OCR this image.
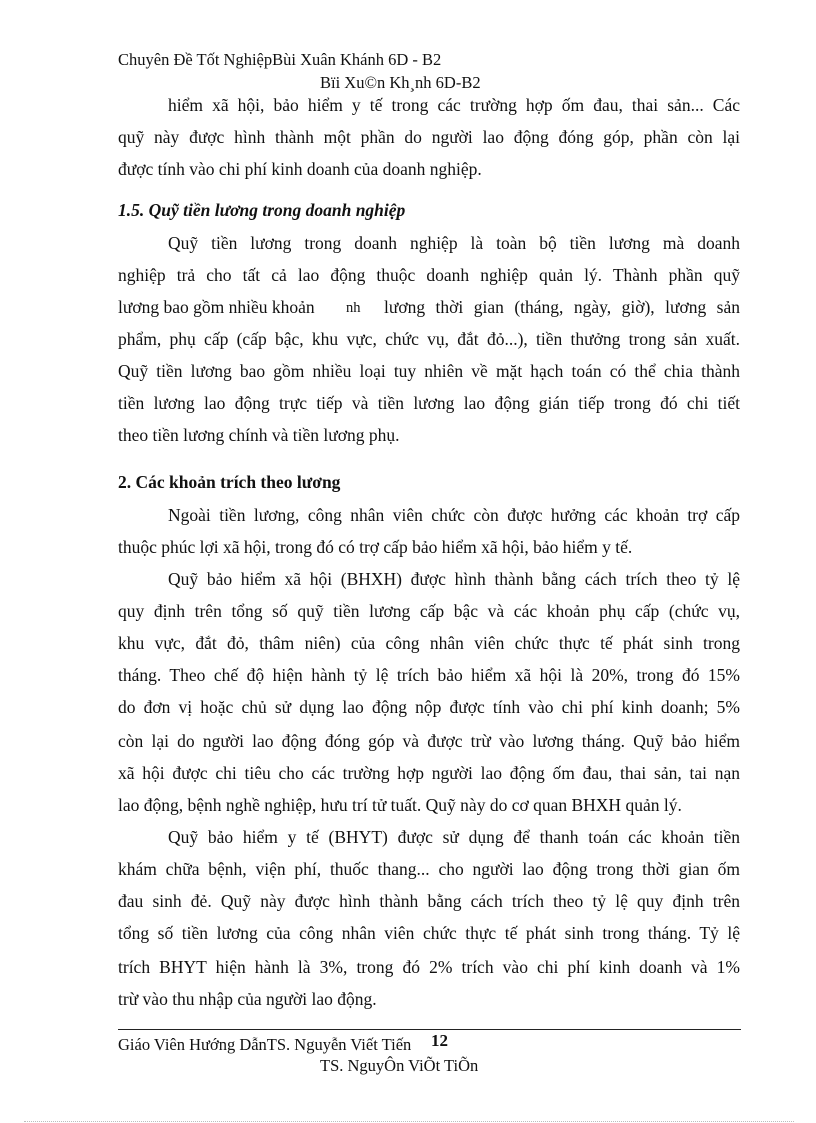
Chuyên Đề Tốt NghiệpBùi Xuân Khánh 6D - B2
Bïi Xu©n Kh¸nh 6D-B2
hiểm xã hội, bảo hiểm y tế trong các trường hợp ốm đau, thai sản... Các
quỹ này được hình thành một phần do người lao động đóng góp, phần còn lại
được tính vào chi phí kinh doanh của doanh nghiệp.
1.5. Quỹ tiền lương trong doanh nghiệp
Quỹ tiền lương trong doanh nghiệp là toàn bộ tiền lương mà doanh
nghiệp trả cho tất cả lao động thuộc doanh nghiệp quản lý. Thành phần quỹ
lương bao gồm nhiều khoản nh lương thời gian (tháng, ngày, giờ), lương sản
phẩm, phụ cấp (cấp bậc, khu vực, chức vụ, đắt đỏ...), tiền thưởng trong sản xuất.
Quỹ tiền lương bao gồm nhiều loại tuy nhiên về mặt hạch toán có thể chia thành
tiền lương lao động trực tiếp và tiền lương lao động gián tiếp trong đó chi tiết
theo tiền lương chính và tiền lương phụ.
2. Các khoản trích theo lương
Ngoài tiền lương, công nhân viên chức còn được hưởng các khoản trợ cấp
thuộc phúc lợi xã hội, trong đó có trợ cấp bảo hiểm xã hội, bảo hiểm y tế.
Quỹ bảo hiểm xã hội (BHXH) được hình thành bằng cách trích theo tỷ lệ
quy định trên tổng số quỹ tiền lương cấp bậc và các khoản phụ cấp (chức vụ,
khu vực, đắt đỏ, thâm niên) của công nhân viên chức thực tế phát sinh trong
tháng. Theo chế độ hiện hành tỷ lệ trích bảo hiểm xã hội là 20%, trong đó 15%
do đơn vị hoặc chủ sử dụng lao động nộp được tính vào chi phí kinh doanh; 5%
còn lại do người lao động đóng góp và được trừ vào lương tháng. Quỹ bảo hiểm
xã hội được chi tiêu cho các trường hợp người lao động ốm đau, thai sản, tai nạn
lao động, bệnh nghề nghiệp, hưu trí tử tuất. Quỹ này do cơ quan BHXH quản lý.
Quỹ bảo hiểm y tế (BHYT) được sử dụng để thanh toán các khoản tiền
khám chữa bệnh, viện phí, thuốc thang... cho người lao động trong thời gian ốm
đau sinh đẻ. Quỹ này được hình thành bằng cách trích theo tỷ lệ quy định trên
tổng số tiền lương của công nhân viên chức thực tế phát sinh trong tháng. Tỷ lệ
trích BHYT hiện hành là 3%, trong đó 2% trích vào chi phí kinh doanh và 1%
trừ vào thu nhập của người lao động.
Giáo Viên Hướng DẫnTS. Nguyễn Viết Tiến 12
TS. NguyÔn ViÕt TiÕn
